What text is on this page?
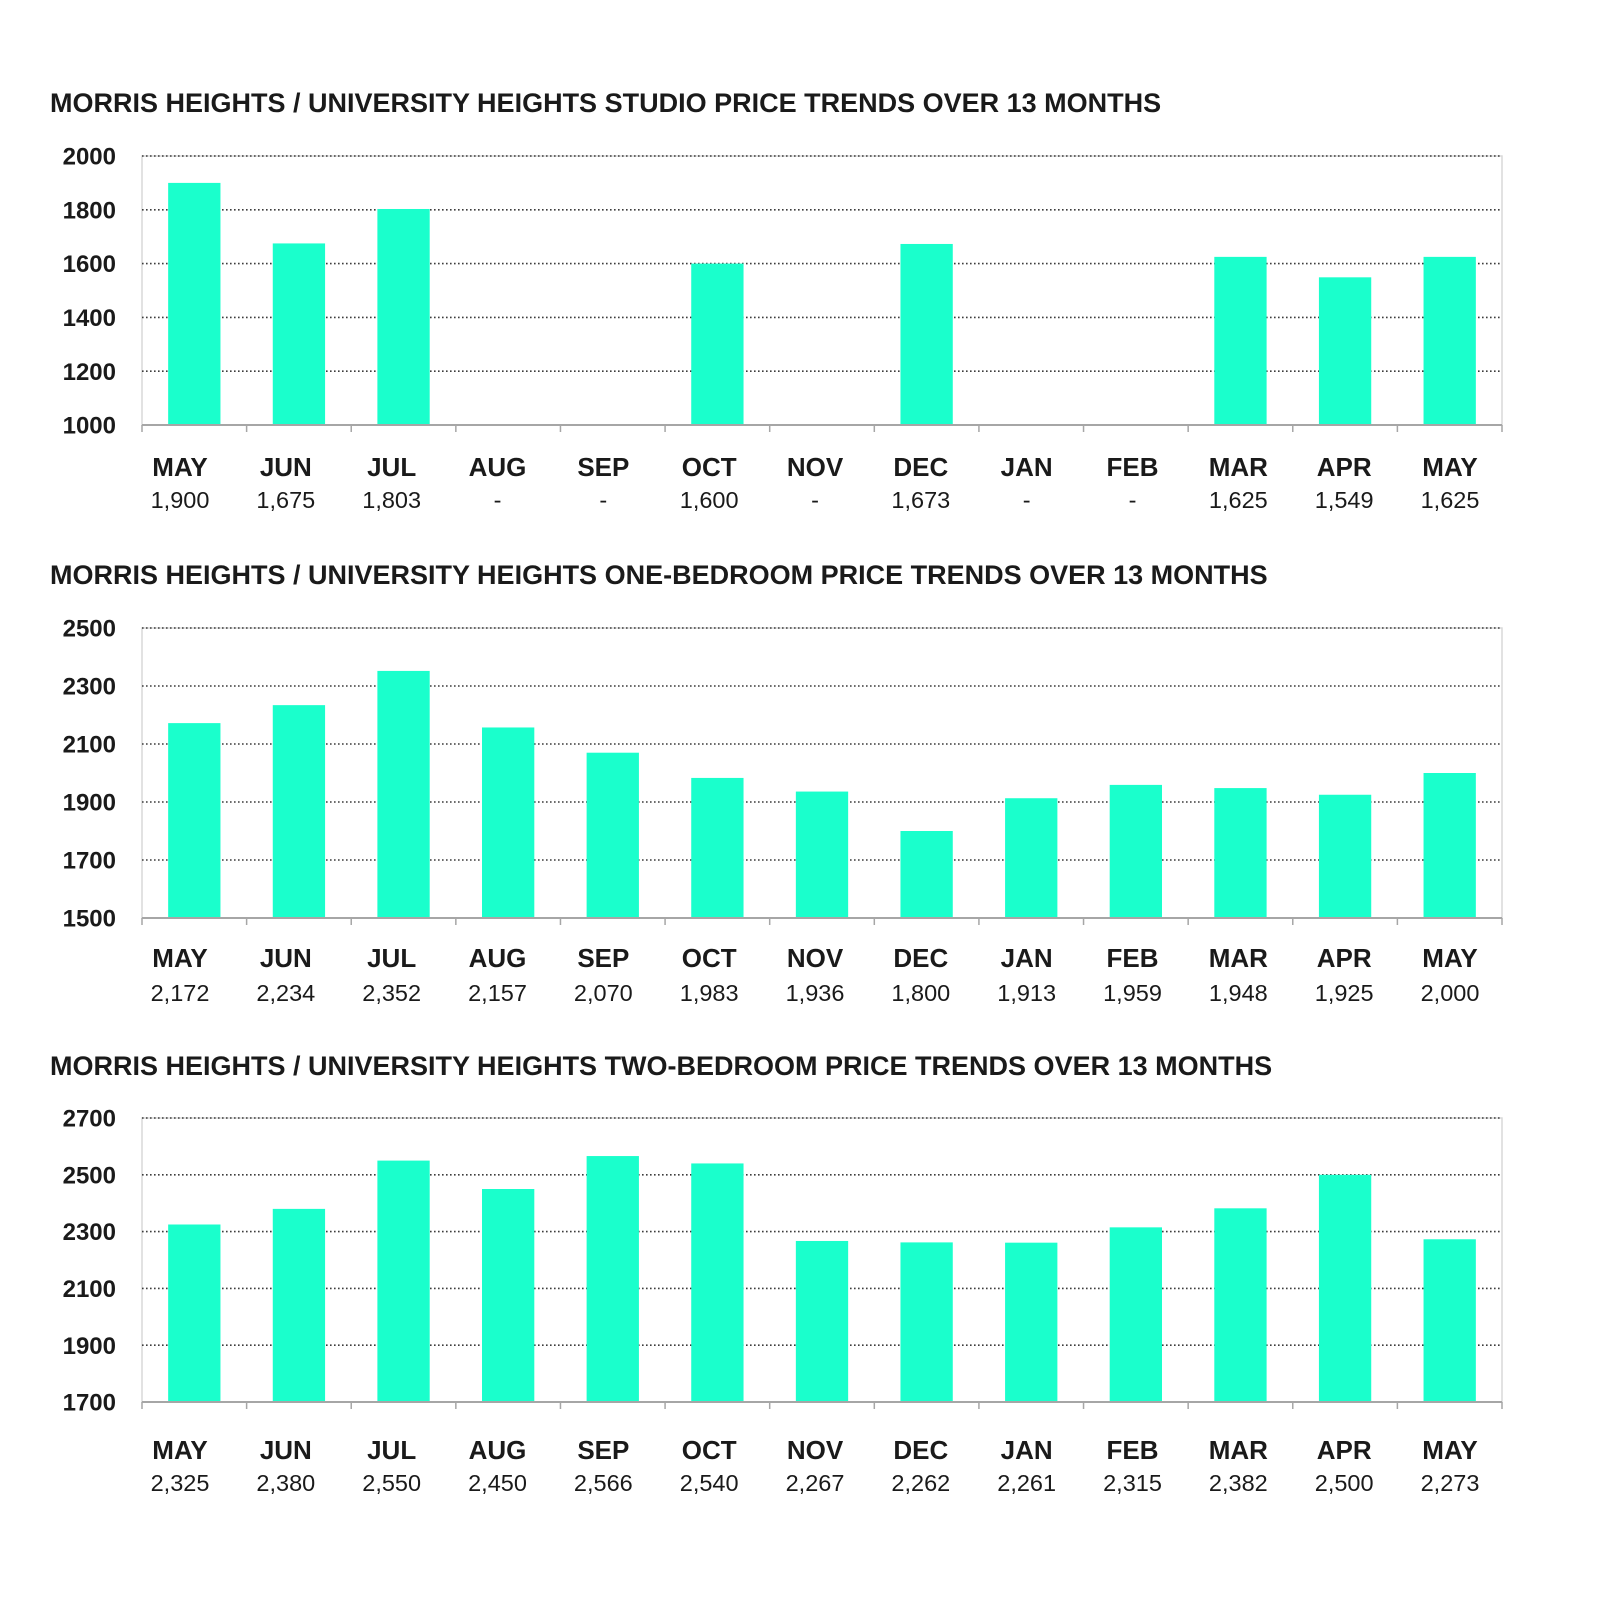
MORRIS HEIGHTS / UNIVERSITY HEIGHTS STUDIO PRICE TRENDS OVER 13 MONTHS
1000
1200
1400
1600
1800
2000
MAY
1,900
JUN
1,675
JUL
1,803
AUG
-
SEP
-
OCT
1,600
NOV
-
DEC
1,673
JAN
-
FEB
-
MAR
1,625
APR
1,549
MAY
1,625
MORRIS HEIGHTS / UNIVERSITY HEIGHTS ONE-BEDROOM PRICE TRENDS OVER 13 MONTHS
1500
1700
1900
2100
2300
2500
MAY
2,172
JUN
2,234
JUL
2,352
AUG
2,157
SEP
2,070
OCT
1,983
NOV
1,936
DEC
1,800
JAN
1,913
FEB
1,959
MAR
1,948
APR
1,925
MAY
2,000
MORRIS HEIGHTS / UNIVERSITY HEIGHTS TWO-BEDROOM PRICE TRENDS OVER 13 MONTHS
1700
1900
2100
2300
2500
2700
MAY
2,325
JUN
2,380
JUL
2,550
AUG
2,450
SEP
2,566
OCT
2,540
NOV
2,267
DEC
2,262
JAN
2,261
FEB
2,315
MAR
2,382
APR
2,500
MAY
2,273
